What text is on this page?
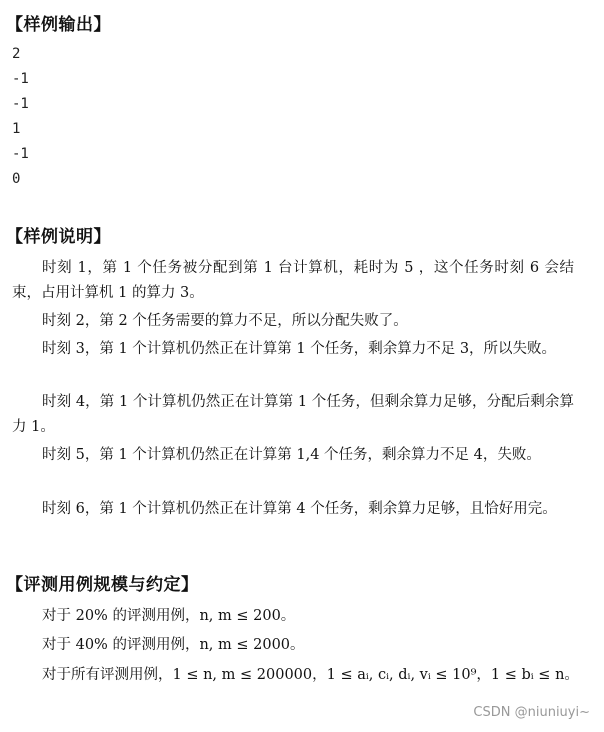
【样例输出】
2
-1
-1
1
-1
0
【样例说明】
时刻 1，第 1 个任务被分配到第 1 台计算机，耗时为 5 ，这个任务时刻 6 会结束，占用计算机 1 的算力 3。
时刻 2，第 2 个任务需要的算力不足，所以分配失败了。
时刻 3，第 1 个计算机仍然正在计算第 1 个任务，剩余算力不足 3，所以失败。
时刻 4，第 1 个计算机仍然正在计算第 1 个任务，但剩余算力足够，分配后剩余算力 1。
时刻 5，第 1 个计算机仍然正在计算第 1,4 个任务，剩余算力不足 4，失败。
时刻 6，第 1 个计算机仍然正在计算第 4 个任务，剩余算力足够，且恰好用完。
【评测用例规模与约定】
对于 20% 的评测用例，n, m ≤ 200。
对于 40% 的评测用例，n, m ≤ 2000。
对于所有评测用例，1 ≤ n, m ≤ 200000，1 ≤ aᵢ, cᵢ, dᵢ, vᵢ ≤ 10⁹，1 ≤ bᵢ ≤ n。
CSDN @niuniuyi~
